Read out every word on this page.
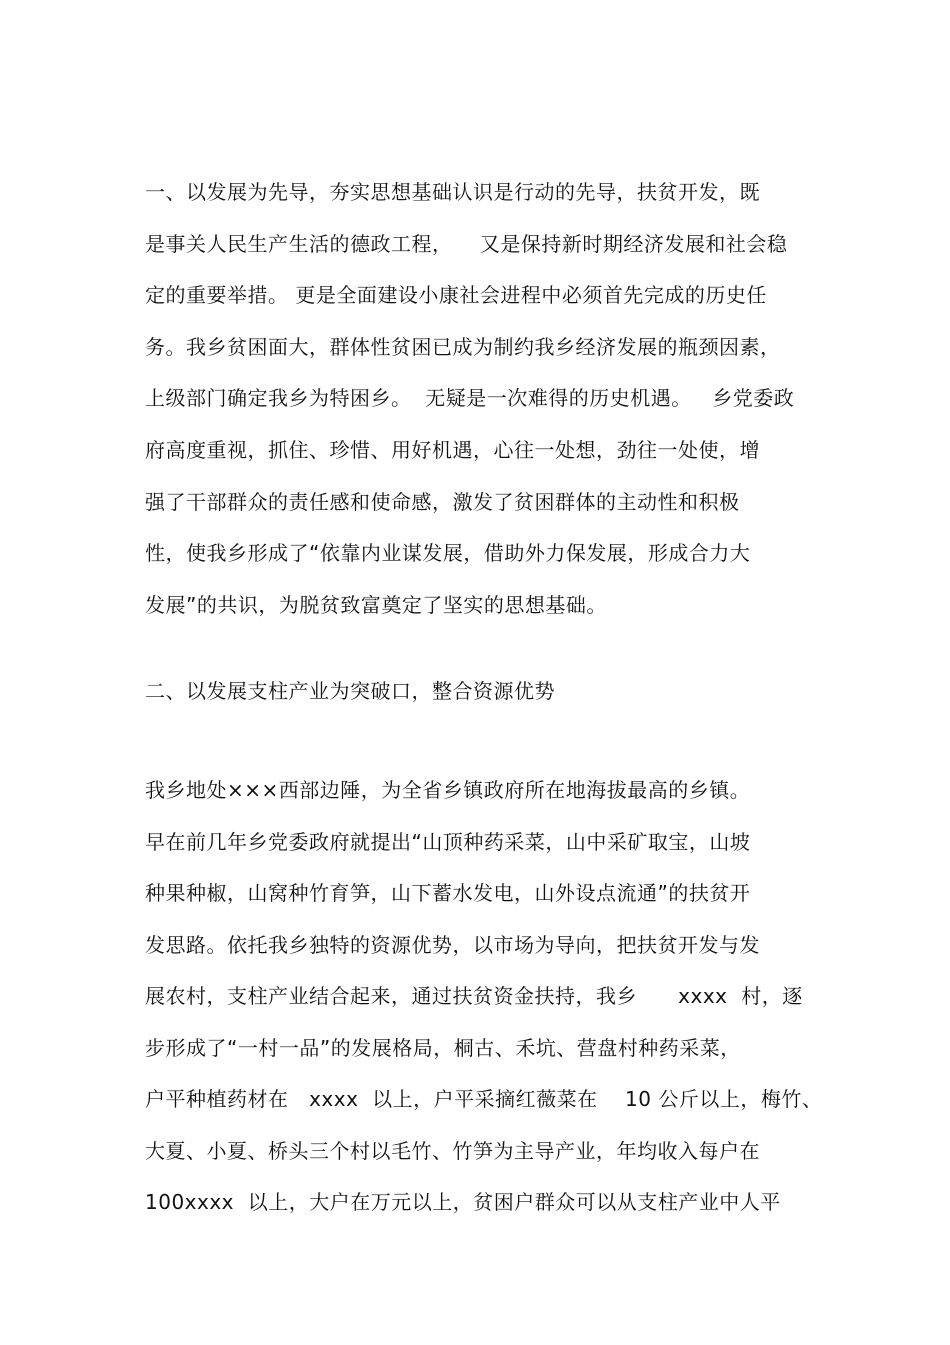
一、以发展为先导，夯实思想基础认识是行动的先导，扶贫开发，既
是事关人民生产生活的德政工程，    又是保持新时期经济发展和社会稳
定的重要举措。 更是全面建设小康社会进程中必须首先完成的历史任
务。我乡贫困面大，群体性贫困已成为制约我乡经济发展的瓶颈因素，
上级部门确定我乡为特困乡。  无疑是一次难得的历史机遇。   乡党委政
府高度重视，抓住、珍惜、用好机遇，心往一处想，劲往一处使，增
强了干部群众的责任感和使命感，激发了贫困群体的主动性和积极
性，使我乡形成了“依靠内业谋发展，借助外力保发展，形成合力大
发展”的共识，为脱贫致富奠定了坚实的思想基础。
二、以发展支柱产业为突破口，整合资源优势
我乡地处×××西部边陲，为全省乡镇政府所在地海拔最高的乡镇。
早在前几年乡党委政府就提出“山顶种药采菜，山中采矿取宝，山坡
种果种椒，山窝种竹育笋，山下蓄水发电，山外设点流通”的扶贫开
发思路。依托我乡独特的资源优势，以市场为导向，把扶贫开发与发
展农村，支柱产业结合起来，通过扶贫资金扶持，我乡      xxxx  村，逐
步形成了“一村一品”的发展格局，桐古、禾坑、营盘村种药采菜，
户平种植药材在   xxxx  以上，户平采摘红薇菜在    10 公斤以上，梅竹、
大夏、小夏、桥头三个村以毛竹、竹笋为主导产业，年均收入每户在
100xxxx  以上，大户在万元以上，贫困户群众可以从支柱产业中人平
